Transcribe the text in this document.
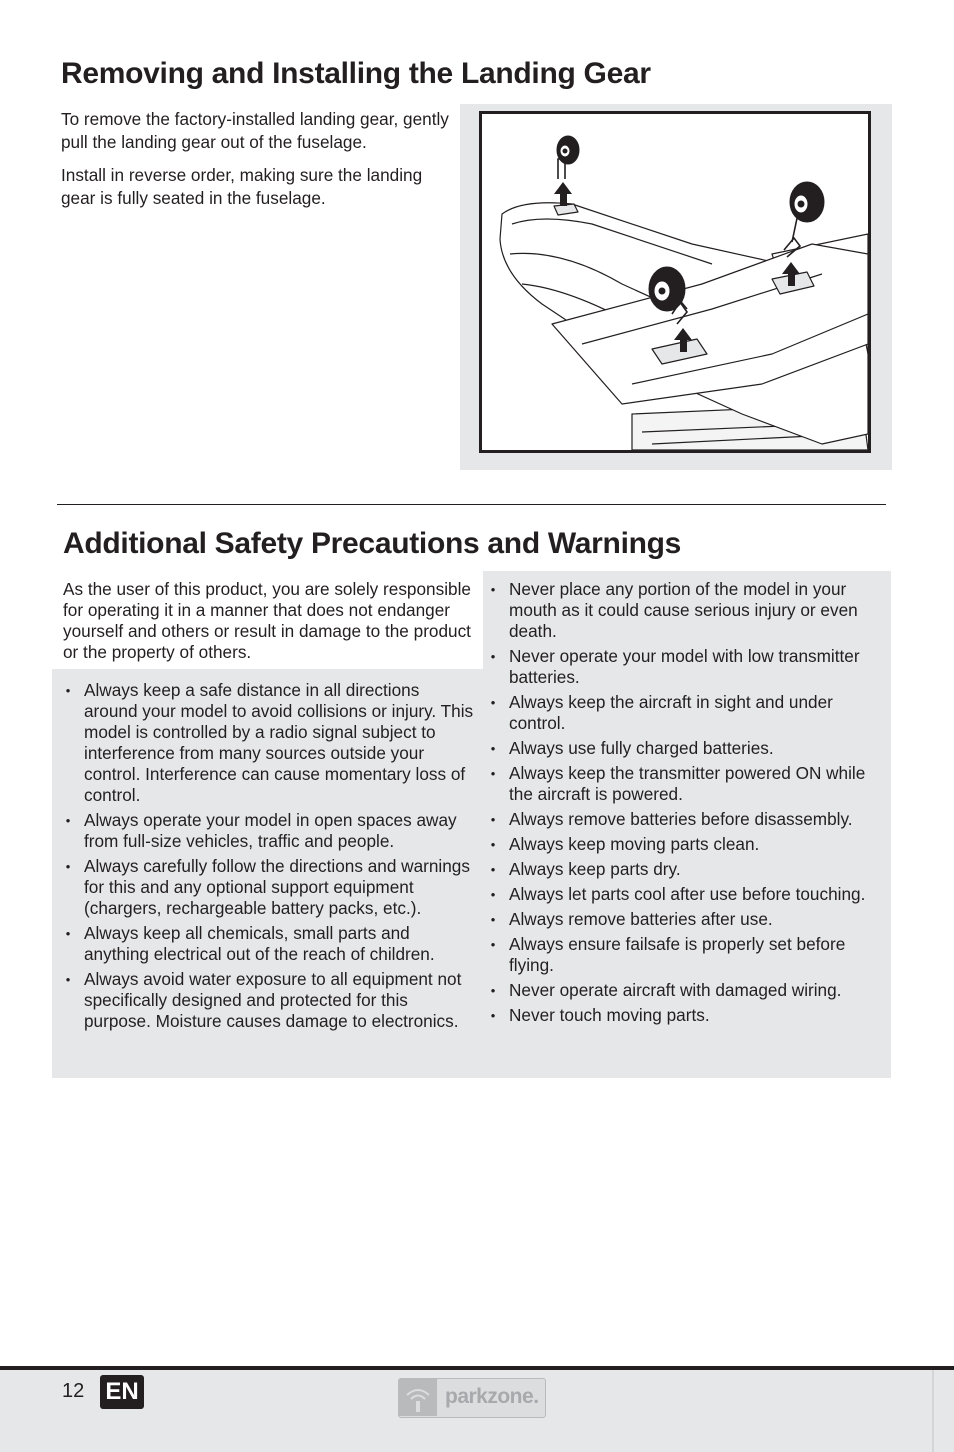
Removing and Installing the Landing Gear

To remove the factory-installed landing gear, gently pull the landing gear out of the fuselage.

Install in reverse order, making sure the landing gear is fully seated in the fuselage.

Additional Safety Precautions and Warnings

As the user of this product, you are solely responsible for operating it in a manner that does not endanger yourself and others or result in damage to the product or the property of others.

• Always keep a safe distance in all directions around your model to avoid collisions or injury. This model is controlled by a radio signal subject to interference from many sources outside your control. Interference can cause momentary loss of control.
• Always operate your model in open spaces away from full-size vehicles, traffic and people.
• Always carefully follow the directions and warnings for this and any optional support equipment (chargers, rechargeable battery packs, etc.).
• Always keep all chemicals, small parts and anything electrical out of the reach of children.
• Always avoid water exposure to all equipment not specifically designed and protected for this purpose. Moisture causes damage to electronics.
• Never place any portion of the model in your mouth as it could cause serious injury or even death.
• Never operate your model with low transmitter batteries.
• Always keep the aircraft in sight and under control.
• Always use fully charged batteries.
• Always keep the transmitter powered ON while the aircraft is powered.
• Always remove batteries before disassembly.
• Always keep moving parts clean.
• Always keep parts dry.
• Always let parts cool after use before touching.
• Always remove batteries after use.
• Always ensure failsafe is properly set before flying.
• Never operate aircraft with damaged wiring.
• Never touch moving parts.
12 EN	parkzone.
